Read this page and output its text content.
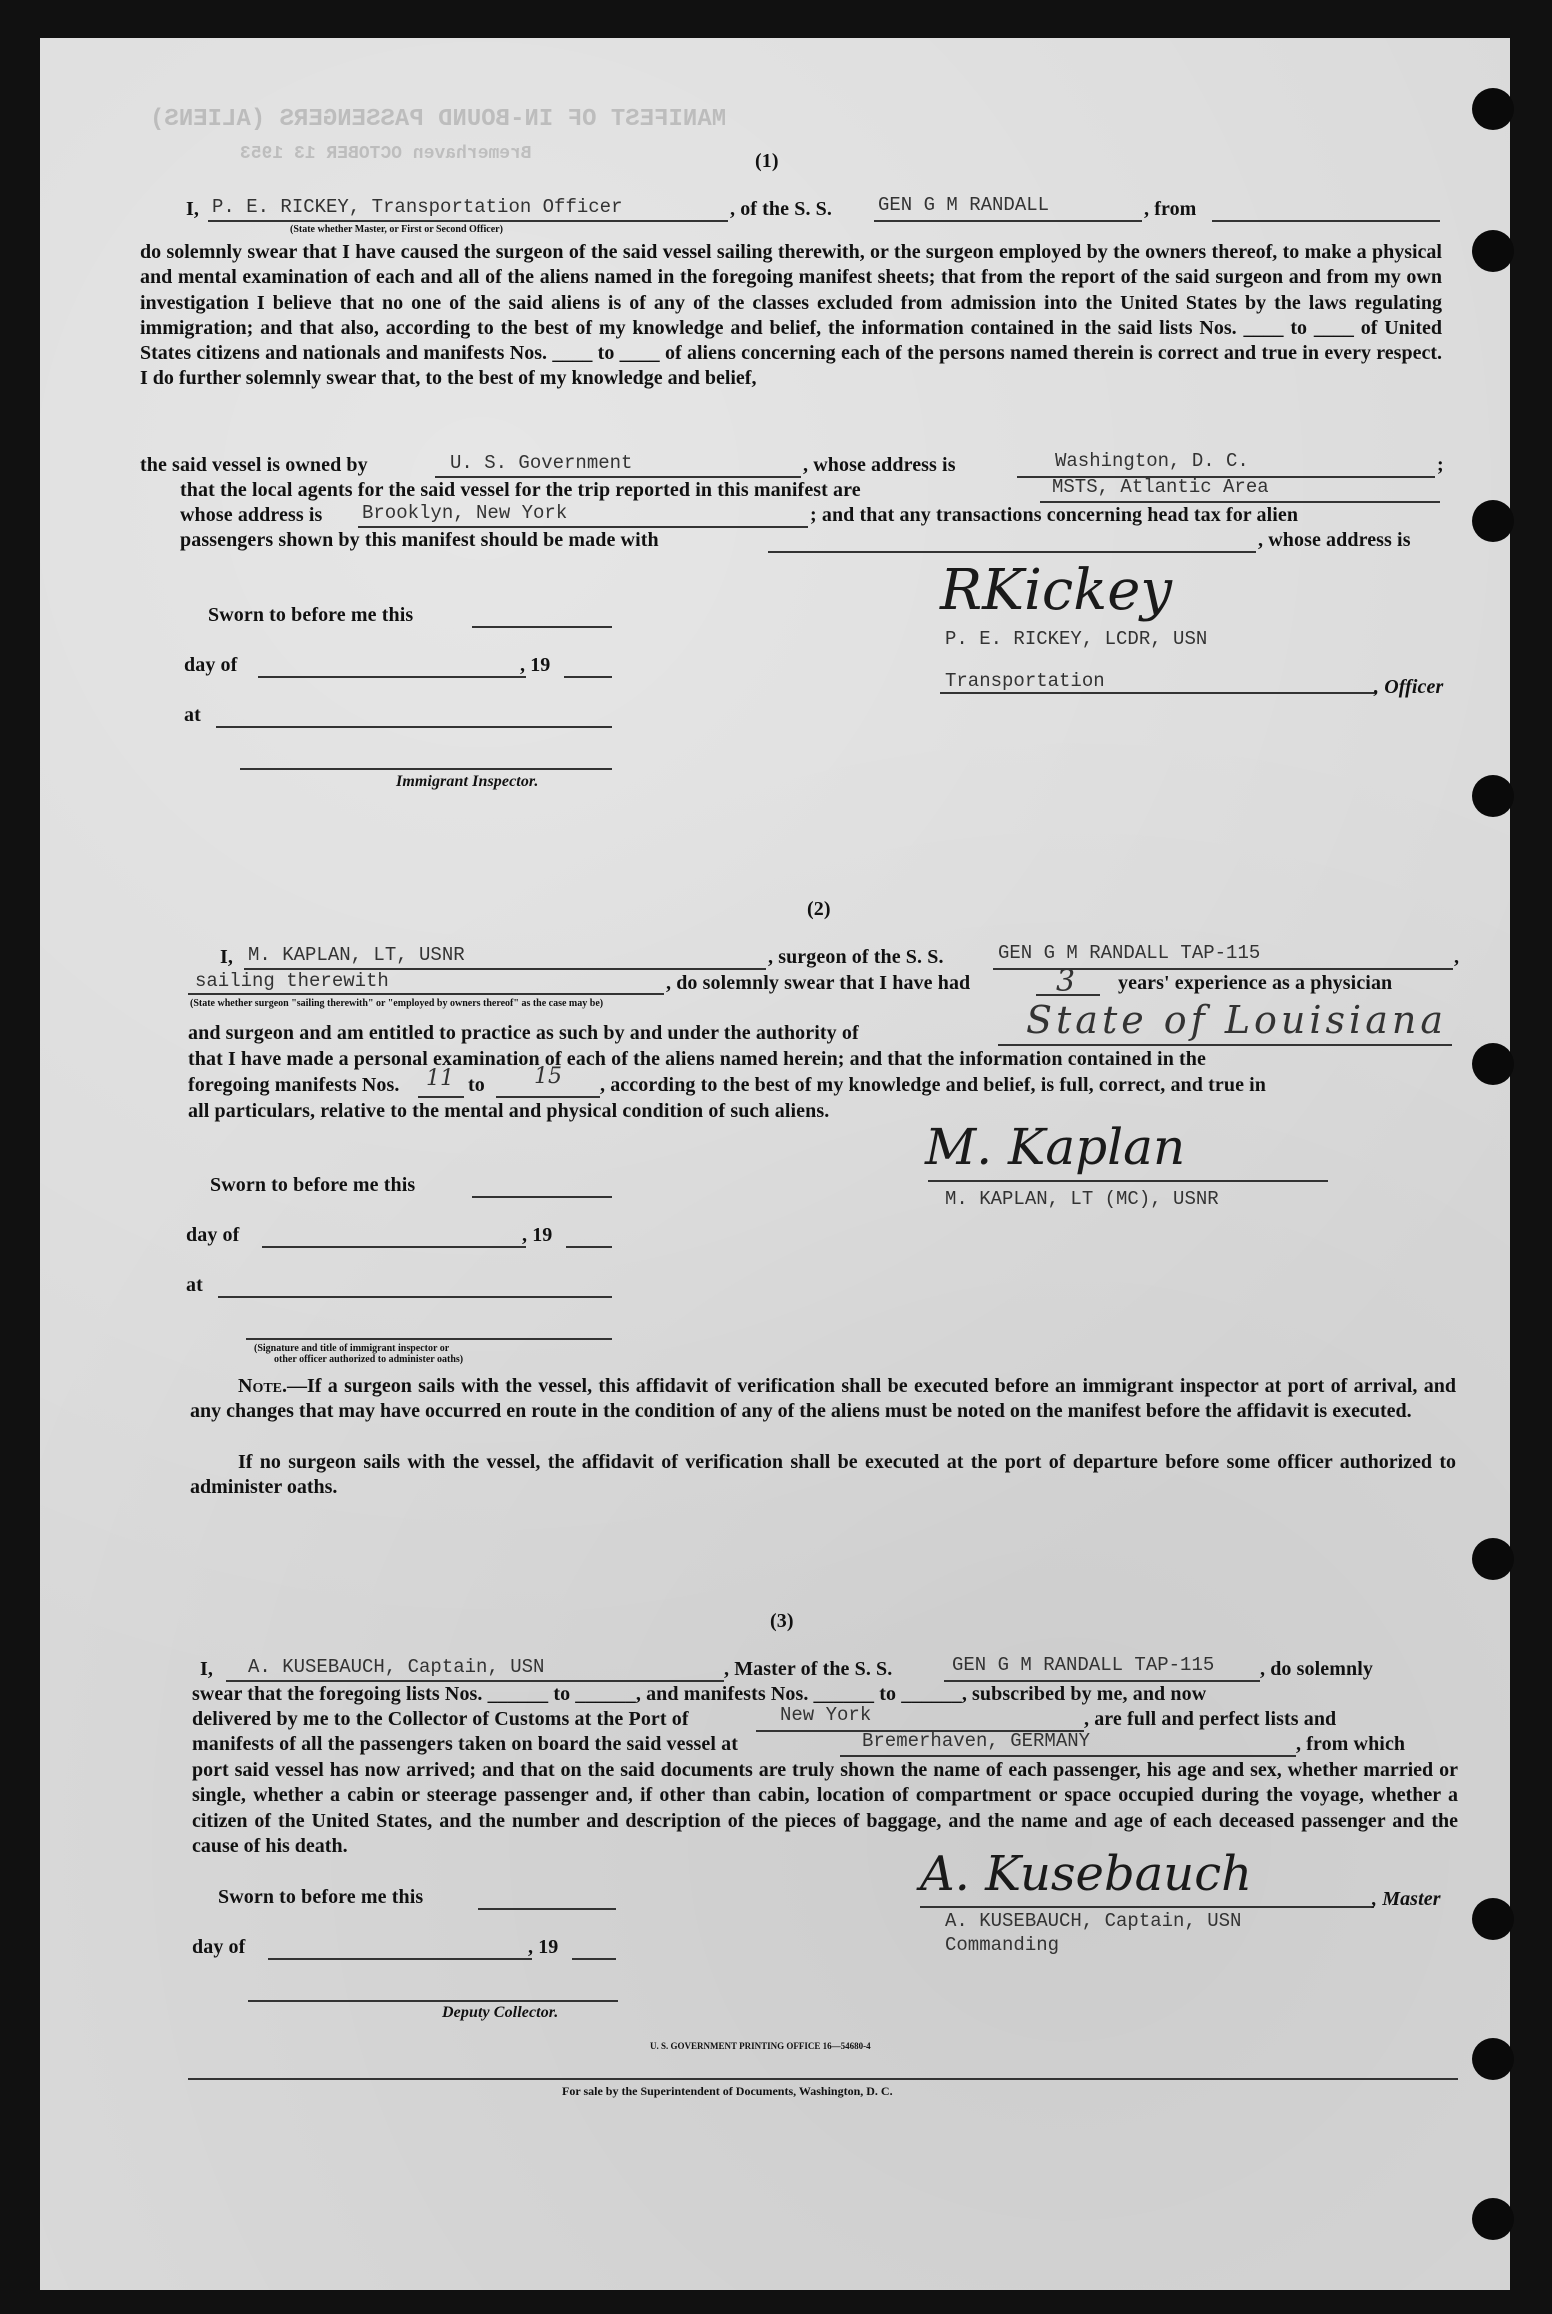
MANIFEST OF IN-BOUND PASSENGERS (ALIENS)
Bremerhaven OCTOBER 13 1953	(1)
I, P. E. RICKEY, Transportation Officer	, of the S. S. GEN G M RANDALL	, from
(State whether Master, or First or Second Officer)
do solemnly swear that I have caused the surgeon of the said vessel sailing therewith, or the surgeon employed by the owners thereof, to make a physical and mental examination of each and all of the aliens named in the foregoing manifest sheets; that from the report of the said surgeon and from my own investigation I believe that no one of the said aliens is of any of the classes excluded from admission into the United States by the laws regulating immigration; and that also, according to the best of my knowledge and belief, the information contained in the said lists Nos. ____ to ____ of United States citizens and nationals and manifests Nos. ____ to ____ of aliens concerning each of the persons named therein is correct and true in every respect. I do further solemnly swear that, to the best of my knowledge and belief,
the said vessel is owned by	U. S. Government	, whose address is	Washington, D. C.	;
that the local agents for the said vessel for the trip reported in this manifest are	MSTS, Atlantic Area
whose address is Brooklyn, New York	; and that any transactions concerning head tax for alien
passengers shown by this manifest should be made with	, whose address is
Sworn to before me this
day of	, 19
at
Immigrant Inspector.
RKickey
P. E. RICKEY, LCDR, USN
Transportation	, Officer
(2)
I, M. KAPLAN, LT, USNR	, surgeon of the S. S.	GEN G M RANDALL TAP-115	,
sailing therewith	, do solemnly swear that I have had	3 years' experience as a physician
(State whether surgeon "sailing therewith" or "employed by owners thereof" as the case may be)
and surgeon and am entitled to practice as such by and under the authority of	State of Louisiana
that I have made a personal examination of each of the aliens named herein; and that the information contained in the
foregoing manifests Nos. 11 to 15 , according to the best of my knowledge and belief, is full, correct, and true in
all particulars, relative to the mental and physical condition of such aliens.
Sworn to before me this
day of	, 19
at
(Signature and title of immigrant inspector or
other officer authorized to administer oaths)
M. Kaplan
M. KAPLAN, LT (MC), USNR
Note.—If a surgeon sails with the vessel, this affidavit of verification shall be executed before an immigrant inspector at port of arrival, and any changes that may have occurred en route in the condition of any of the aliens must be noted on the manifest before the affidavit is executed.
If no surgeon sails with the vessel, the affidavit of verification shall be executed at the port of departure before some officer authorized to administer oaths.
(3)
I, A. KUSEBAUCH, Captain, USN	, Master of the S. S.	GEN G M RANDALL TAP-115 , do solemnly
swear that the foregoing lists Nos. ______ to ______, and manifests Nos. ______ to ______, subscribed by me, and now
delivered by me to the Collector of Customs at the Port of	New York	, are full and perfect lists and
manifests of all the passengers taken on board the said vessel at	Bremerhaven, GERMANY	, from which
port said vessel has now arrived; and that on the said documents are truly shown the name of each passenger, his age and sex, whether married or single, whether a cabin or steerage passenger and, if other than cabin, location of compartment or space occupied during the voyage, whether a citizen of the United States, and the number and description of the pieces of baggage, and the name and age of each deceased passenger and the cause of his death.
Sworn to before me this
day of	, 19
Deputy Collector.
A. Kusebauch	, Master
A. KUSEBAUCH, Captain, USN
Commanding
U. S. GOVERNMENT PRINTING OFFICE 16—54680-4
For sale by the Superintendent of Documents, Washington, D. C.
